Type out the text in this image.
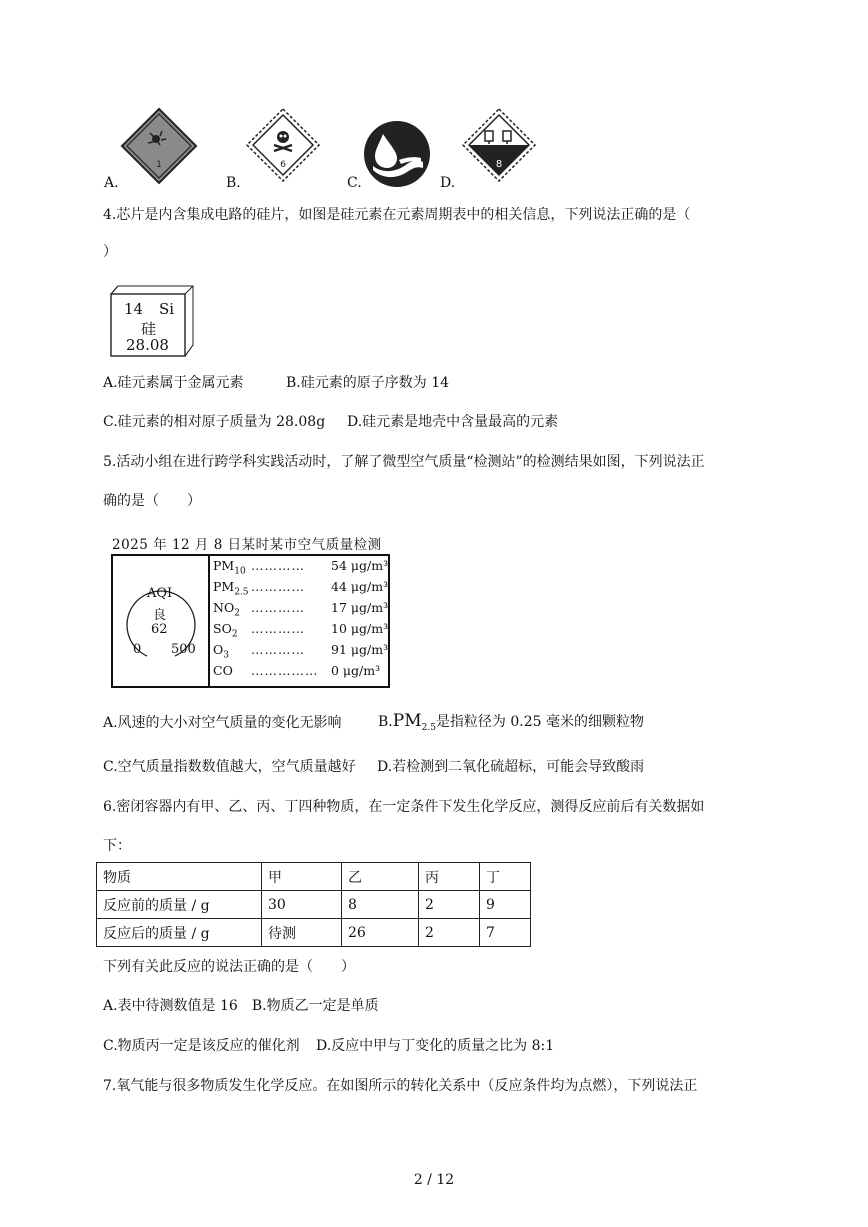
1
A.
6
B.	C.
8
D.
4.芯片是内含集成电路的硅片，如图是硅元素在元素周期表中的相关信息，下列说法正确的是（
）
14 Si
硅
28.08
A.硅元素属于金属元素	B.硅元素的原子序数为 14
C.硅元素的相对原子质量为 28.08g D.硅元素是地壳中含量最高的元素
5.活动小组在进行跨学科实践活动时，了解了微型空气质量“检测站”的检测结果如图，下列说法正
确的是（　　）
2025 年 12 月 8 日某时某市空气质量检测
AQI
良
62
0 500
$PM_{10}$ ………… 54 μg/m³
$PM_{2.5}$ ………… 44 μg/m³
$NO_2$ ………… 17 μg/m³
$SO_2$ ………… 10 μg/m³
$O_3$ ………… 91 μg/m³
CO …………… 0 μg/m³
A.风速的大小对空气质量的变化无影响	$B.PM_{2.5}$是指粒径为 0.25 毫米的细颗粒物
C.空气质量指数数值越大，空气质量越好 D.若检测到二氧化硫超标，可能会导致酸雨
6.密闭容器内有甲、乙、丙、丁四种物质，在一定条件下发生化学反应，测得反应前后有关数据如
下：
物质	甲	乙	丙	丁
反应前的质量 / g	30	8	2	9
反应后的质量 / g	待测	26	2	7
下列有关此反应的说法正确的是（　　）
A.表中待测数值是 16　B.物质乙一定是单质
C.物质丙一定是该反应的催化剂 D.反应中甲与丁变化的质量之比为 8:1
7.氧气能与很多物质发生化学反应。在如图所示的转化关系中（反应条件均为点燃），下列说法正
2 / 12
